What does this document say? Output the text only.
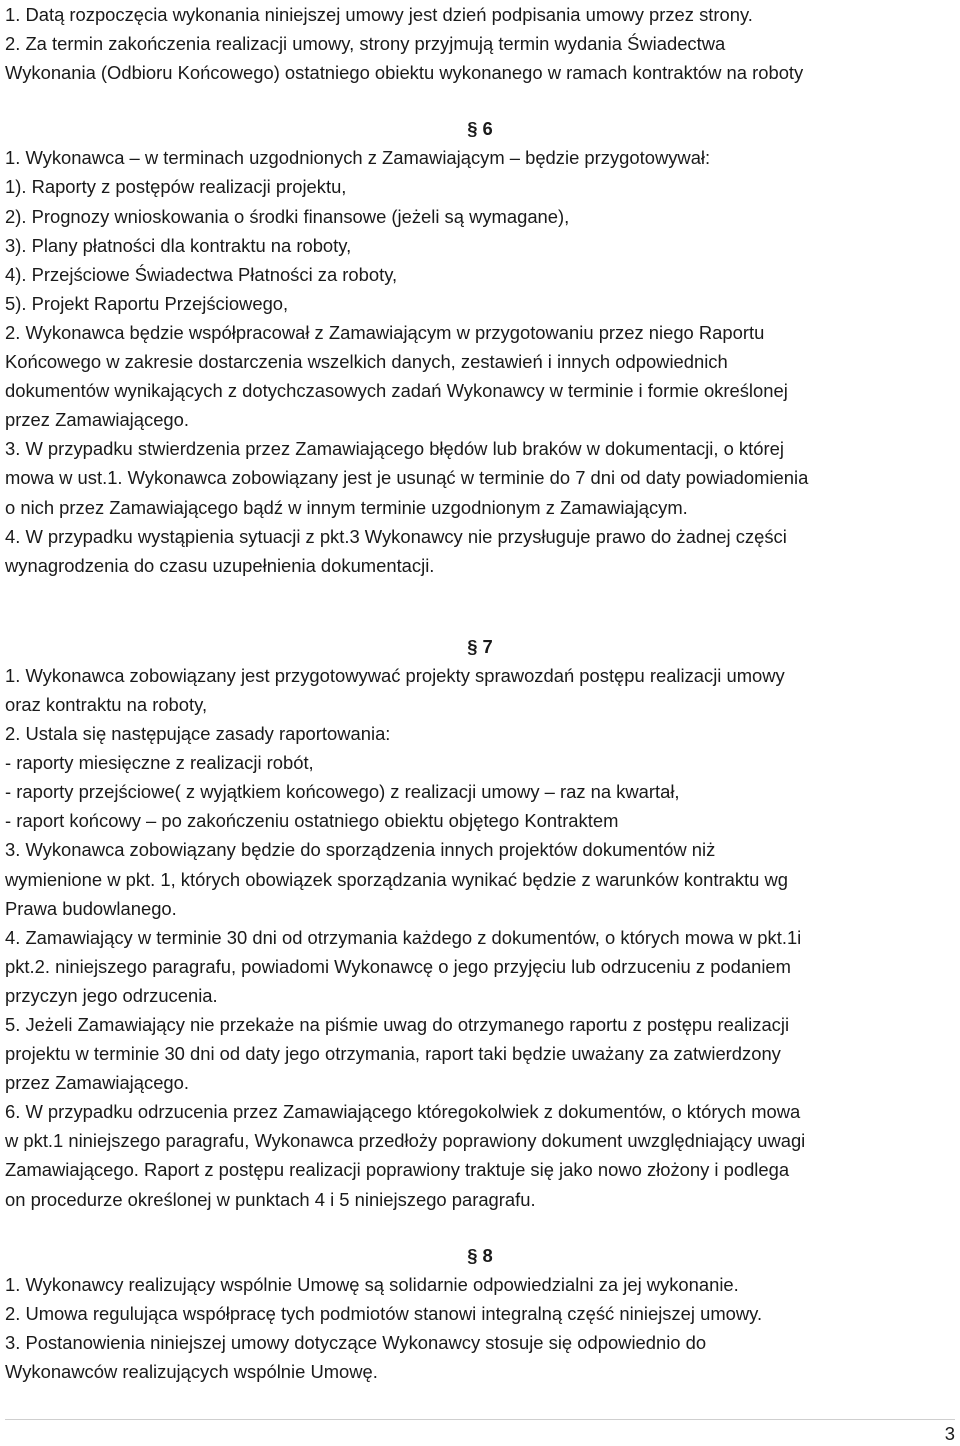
1. Datą rozpoczęcia wykonania niniejszej umowy jest dzień podpisania umowy przez strony.

2. Za termin zakończenia realizacji umowy, strony przyjmują termin wydania Świadectwa

Wykonania (Odbioru Końcowego) ostatniego obiektu wykonanego w ramach kontraktów na roboty

§ 6

1. Wykonawca – w terminach uzgodnionych z Zamawiającym – będzie przygotowywał:

1). Raporty z postępów realizacji projektu,

2). Prognozy wnioskowania o środki finansowe (jeżeli są wymagane),

3). Plany płatności dla kontraktu na roboty,

4). Przejściowe Świadectwa Płatności za roboty,

5). Projekt Raportu Przejściowego,

2. Wykonawca będzie współpracował z Zamawiającym w przygotowaniu przez niego Raportu

Końcowego w zakresie dostarczenia wszelkich danych, zestawień i innych odpowiednich

dokumentów wynikających z dotychczasowych zadań Wykonawcy w terminie i formie określonej

przez Zamawiającego.

3. W przypadku stwierdzenia przez Zamawiającego błędów lub braków w dokumentacji, o której

mowa w ust.1. Wykonawca zobowiązany jest je usunąć w terminie do 7 dni od daty powiadomienia

o nich przez Zamawiającego bądź w innym terminie uzgodnionym z Zamawiającym.

4. W przypadku wystąpienia sytuacji z pkt.3 Wykonawcy nie przysługuje prawo do żadnej części

wynagrodzenia do czasu uzupełnienia dokumentacji.

§ 7

1. Wykonawca zobowiązany jest przygotowywać projekty sprawozdań postępu realizacji umowy

oraz kontraktu na roboty,

2. Ustala się następujące zasady raportowania:

- raporty miesięczne z realizacji robót,

- raporty przejściowe( z wyjątkiem końcowego) z realizacji umowy – raz na kwartał,

- raport końcowy – po zakończeniu ostatniego obiektu objętego Kontraktem

3. Wykonawca zobowiązany będzie do sporządzenia innych projektów dokumentów niż

wymienione w pkt. 1, których obowiązek sporządzania wynikać będzie z warunków kontraktu wg

Prawa budowlanego.

4. Zamawiający w terminie 30 dni od otrzymania każdego z dokumentów, o których mowa w pkt.1i

pkt.2. niniejszego paragrafu, powiadomi Wykonawcę o jego przyjęciu lub odrzuceniu z podaniem

przyczyn jego odrzucenia.

5. Jeżeli Zamawiający nie przekaże na piśmie uwag do otrzymanego raportu z postępu realizacji

projektu w terminie 30 dni od daty jego otrzymania, raport taki będzie uważany za zatwierdzony

przez Zamawiającego.

6. W przypadku odrzucenia przez Zamawiającego któregokolwiek z dokumentów, o których mowa

w pkt.1 niniejszego paragrafu, Wykonawca przedłoży poprawiony dokument uwzględniający uwagi

Zamawiającego. Raport z postępu realizacji poprawiony traktuje się jako nowo złożony i podlega

on procedurze określonej w punktach 4 i 5 niniejszego paragrafu.

§ 8

1. Wykonawcy realizujący wspólnie Umowę są solidarnie odpowiedzialni za jej wykonanie.

2. Umowa regulująca współpracę tych podmiotów stanowi integralną część niniejszej umowy.

3. Postanowienia niniejszej umowy dotyczące Wykonawcy stosuje się odpowiednio do

Wykonawców realizujących wspólnie Umowę.

3
